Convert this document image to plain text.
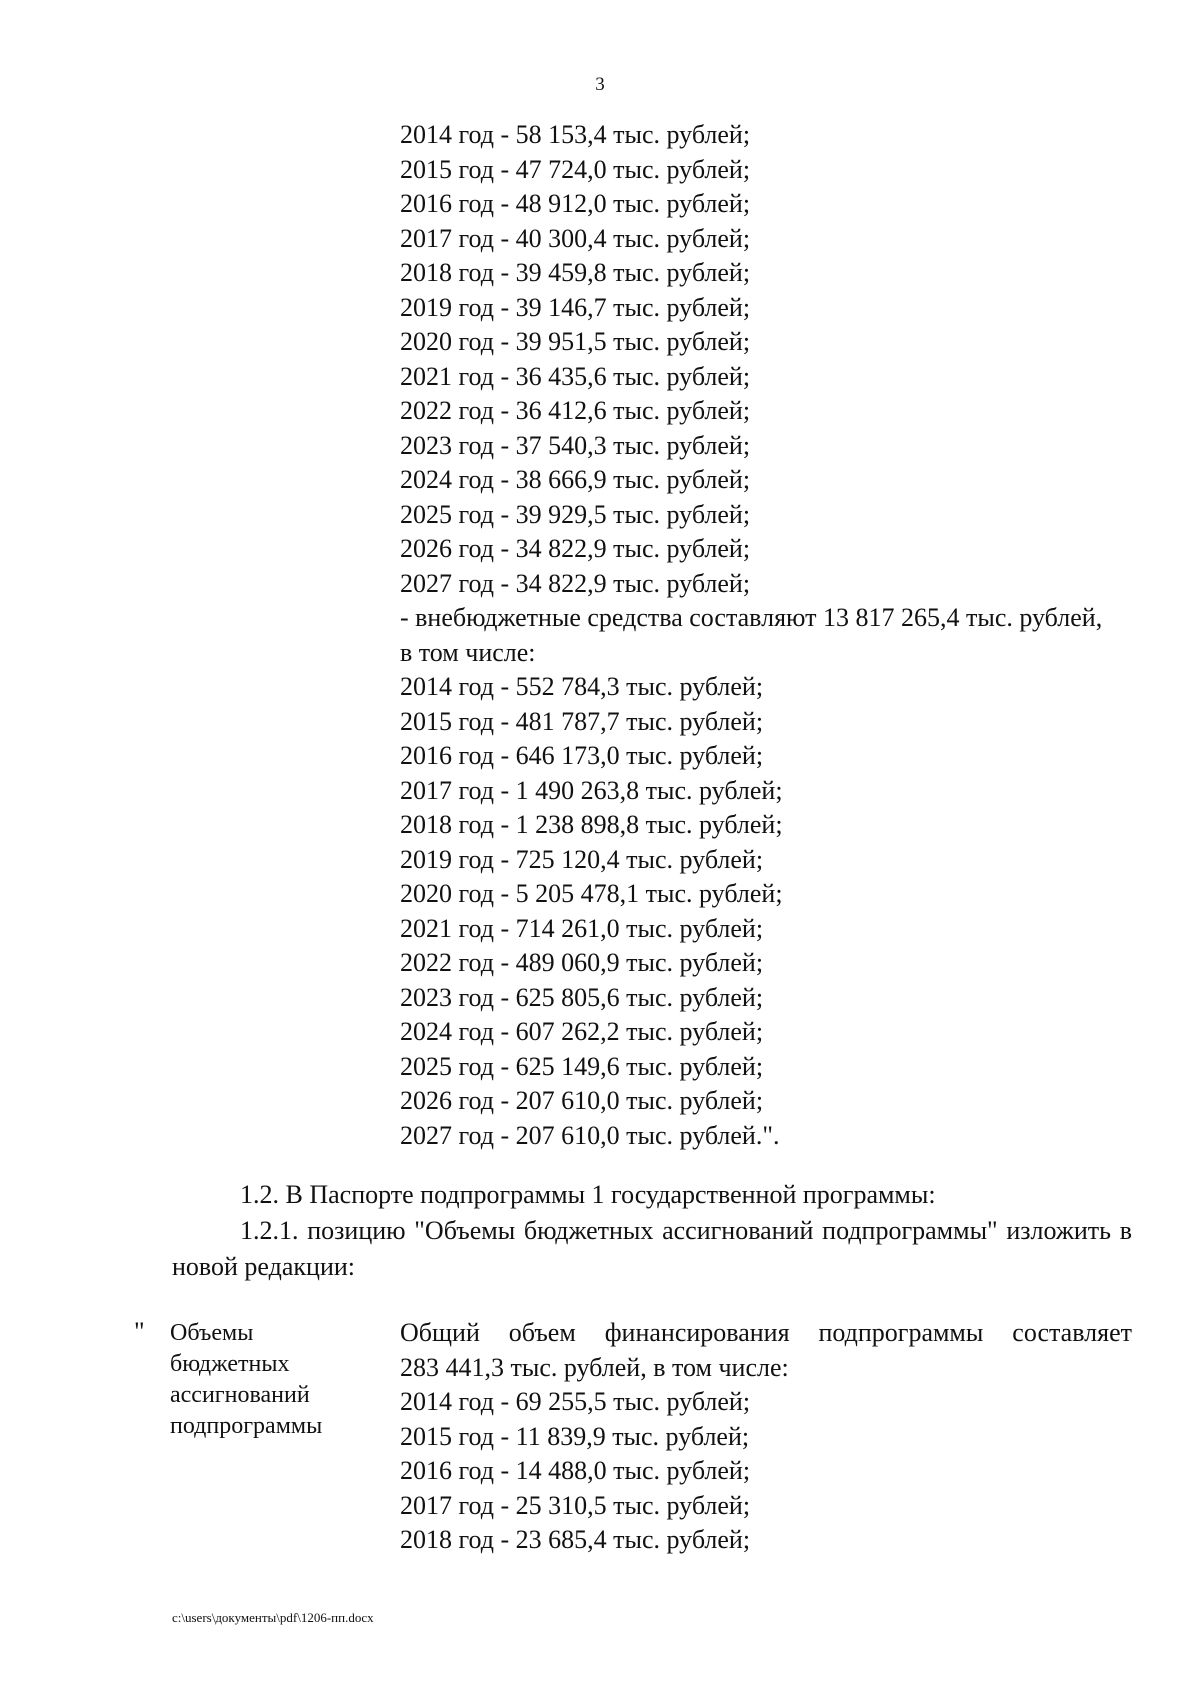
3
2014 год - 58 153,4 тыс. рублей;
2015 год - 47 724,0 тыс. рублей;
2016 год - 48 912,0 тыс. рублей;
2017 год - 40 300,4 тыс. рублей;
2018 год - 39 459,8 тыс. рублей;
2019 год - 39 146,7 тыс. рублей;
2020 год - 39 951,5 тыс. рублей;
2021 год - 36 435,6 тыс. рублей;
2022 год - 36 412,6 тыс. рублей;
2023 год - 37 540,3 тыс. рублей;
2024 год - 38 666,9 тыс. рублей;
2025 год - 39 929,5 тыс. рублей;
2026 год - 34 822,9 тыс. рублей;
2027 год - 34 822,9 тыс. рублей;
- внебюджетные средства составляют 13 817 265,4 тыс. рублей,
в том числе:
2014 год - 552 784,3 тыс. рублей;
2015 год - 481 787,7 тыс. рублей;
2016 год - 646 173,0 тыс. рублей;
2017 год - 1 490 263,8 тыс. рублей;
2018 год - 1 238 898,8 тыс. рублей;
2019 год - 725 120,4 тыс. рублей;
2020 год - 5 205 478,1 тыс. рублей;
2021 год - 714 261,0 тыс. рублей;
2022 год - 489 060,9 тыс. рублей;
2023 год - 625 805,6 тыс. рублей;
2024 год - 607 262,2 тыс. рублей;
2025 год - 625 149,6 тыс. рублей;
2026 год - 207 610,0 тыс. рублей;
2027 год - 207 610,0 тыс. рублей.".
1.2. В Паспорте подпрограммы 1 государственной программы:
1.2.1. позицию "Объемы бюджетных ассигнований подпрограммы" изложить в новой редакции:
" Объемы
бюджетных
ассигнований
подпрограммы
Общий объем финансирования подпрограммы составляет
283 441,3 тыс. рублей, в том числе:
2014 год - 69 255,5 тыс. рублей;
2015 год - 11 839,9 тыс. рублей;
2016 год - 14 488,0 тыс. рублей;
2017 год - 25 310,5 тыс. рублей;
2018 год - 23 685,4 тыс. рублей;
c:\users\документы\pdf\1206-пп.docx
